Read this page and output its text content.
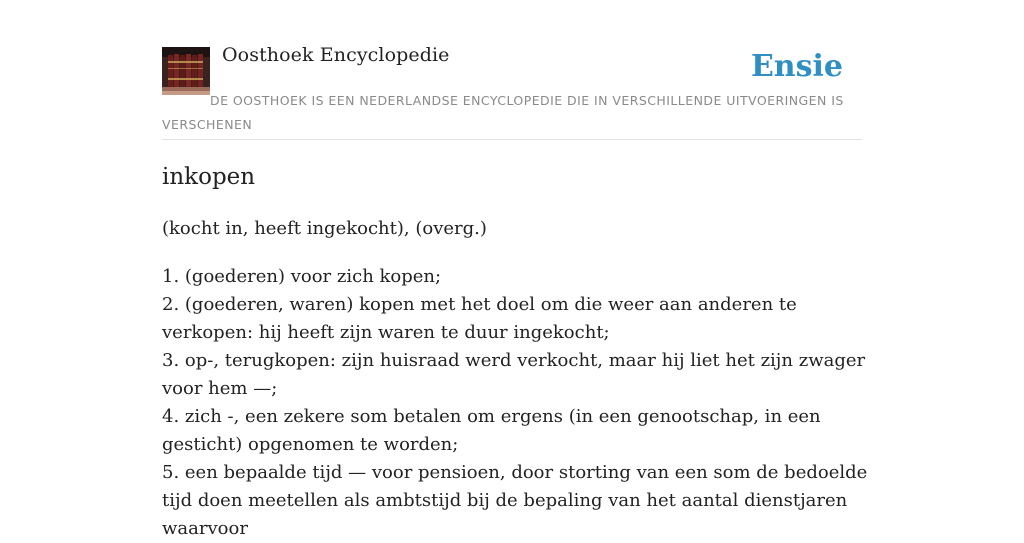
Oosthoek Encyclopedie	Ensie
DE OOSTHOEK IS EEN NEDERLANDSE ENCYCLOPEDIE DIE IN VERSCHILLENDE UITVOERINGEN IS VERSCHENEN
inkopen
(kocht in, heeft ingekocht), (overg.)
1. (goederen) voor zich kopen;
2. (goederen, waren) kopen met het doel om die weer aan anderen te verkopen: hij heeft zijn waren te duur ingekocht;
3. op-, terugkopen: zijn huisraad werd verkocht, maar hij liet het zijn zwager voor hem —;
4. zich -, een zekere som betalen om ergens (in een genootschap, in een gesticht) opgenomen te worden;
5. een bepaalde tijd — voor pensioen, door storting van een som de bedoelde tijd doen meetellen als ambtstijd bij de bepaling van het aantal dienstjaren waarvoor
